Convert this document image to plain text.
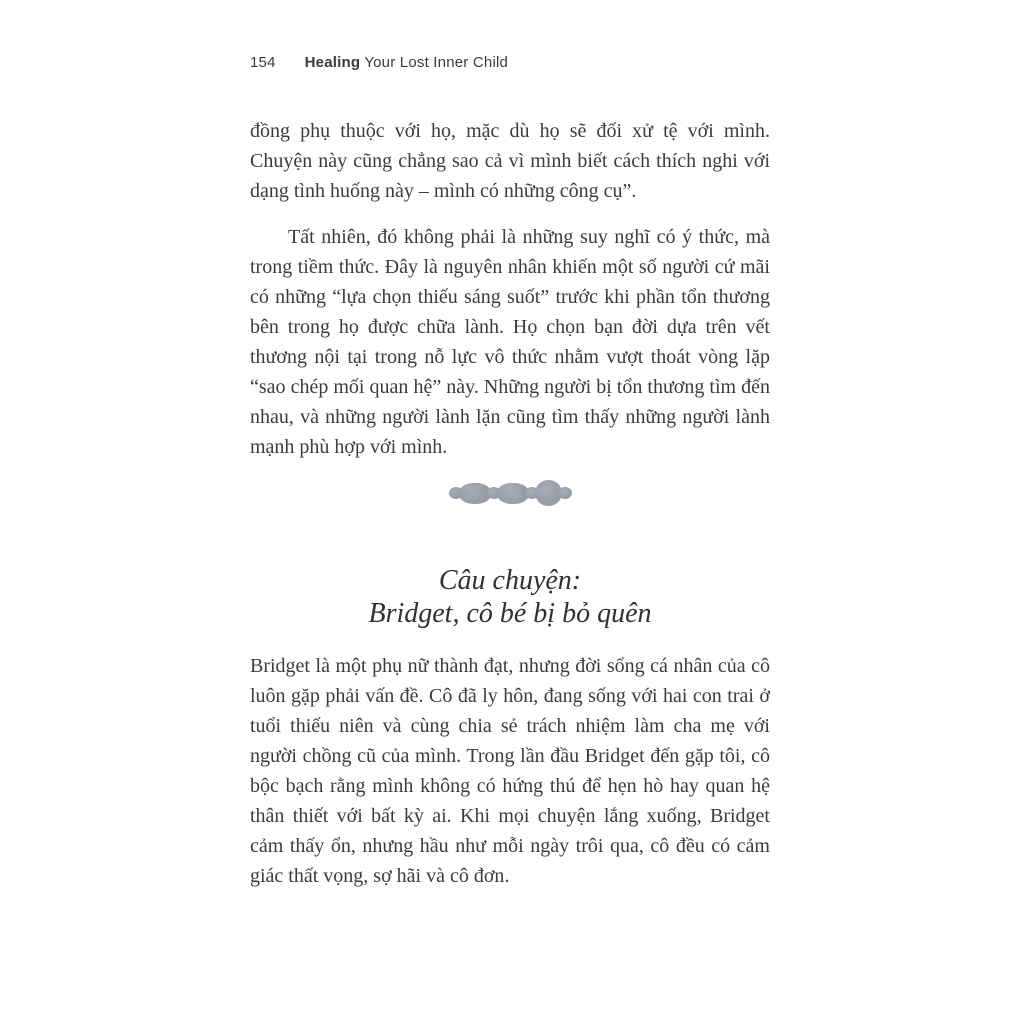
154 Healing Your Lost Inner Child

đồng phụ thuộc với họ, mặc dù họ sẽ đối xử tệ với mình. Chuyện này cũng chẳng sao cả vì mình biết cách thích nghi với dạng tình huống này – mình có những công cụ”.

Tất nhiên, đó không phải là những suy nghĩ có ý thức, mà trong tiềm thức. Đây là nguyên nhân khiến một số người cứ mãi có những “lựa chọn thiếu sáng suốt” trước khi phần tổn thương bên trong họ được chữa lành. Họ chọn bạn đời dựa trên vết thương nội tại trong nỗ lực vô thức nhằm vượt thoát vòng lặp “sao chép mối quan hệ” này. Những người bị tổn thương tìm đến nhau, và những người lành lặn cũng tìm thấy những người lành mạnh phù hợp với mình.

Câu chuyện:
Bridget, cô bé bị bỏ quên

Bridget là một phụ nữ thành đạt, nhưng đời sống cá nhân của cô luôn gặp phải vấn đề. Cô đã ly hôn, đang sống với hai con trai ở tuổi thiếu niên và cùng chia sẻ trách nhiệm làm cha mẹ với người chồng cũ của mình. Trong lần đầu Bridget đến gặp tôi, cô bộc bạch rằng mình không có hứng thú để hẹn hò hay quan hệ thân thiết với bất kỳ ai. Khi mọi chuyện lắng xuống, Bridget cảm thấy ổn, nhưng hầu như mỗi ngày trôi qua, cô đều có cảm giác thất vọng, sợ hãi và cô đơn.
